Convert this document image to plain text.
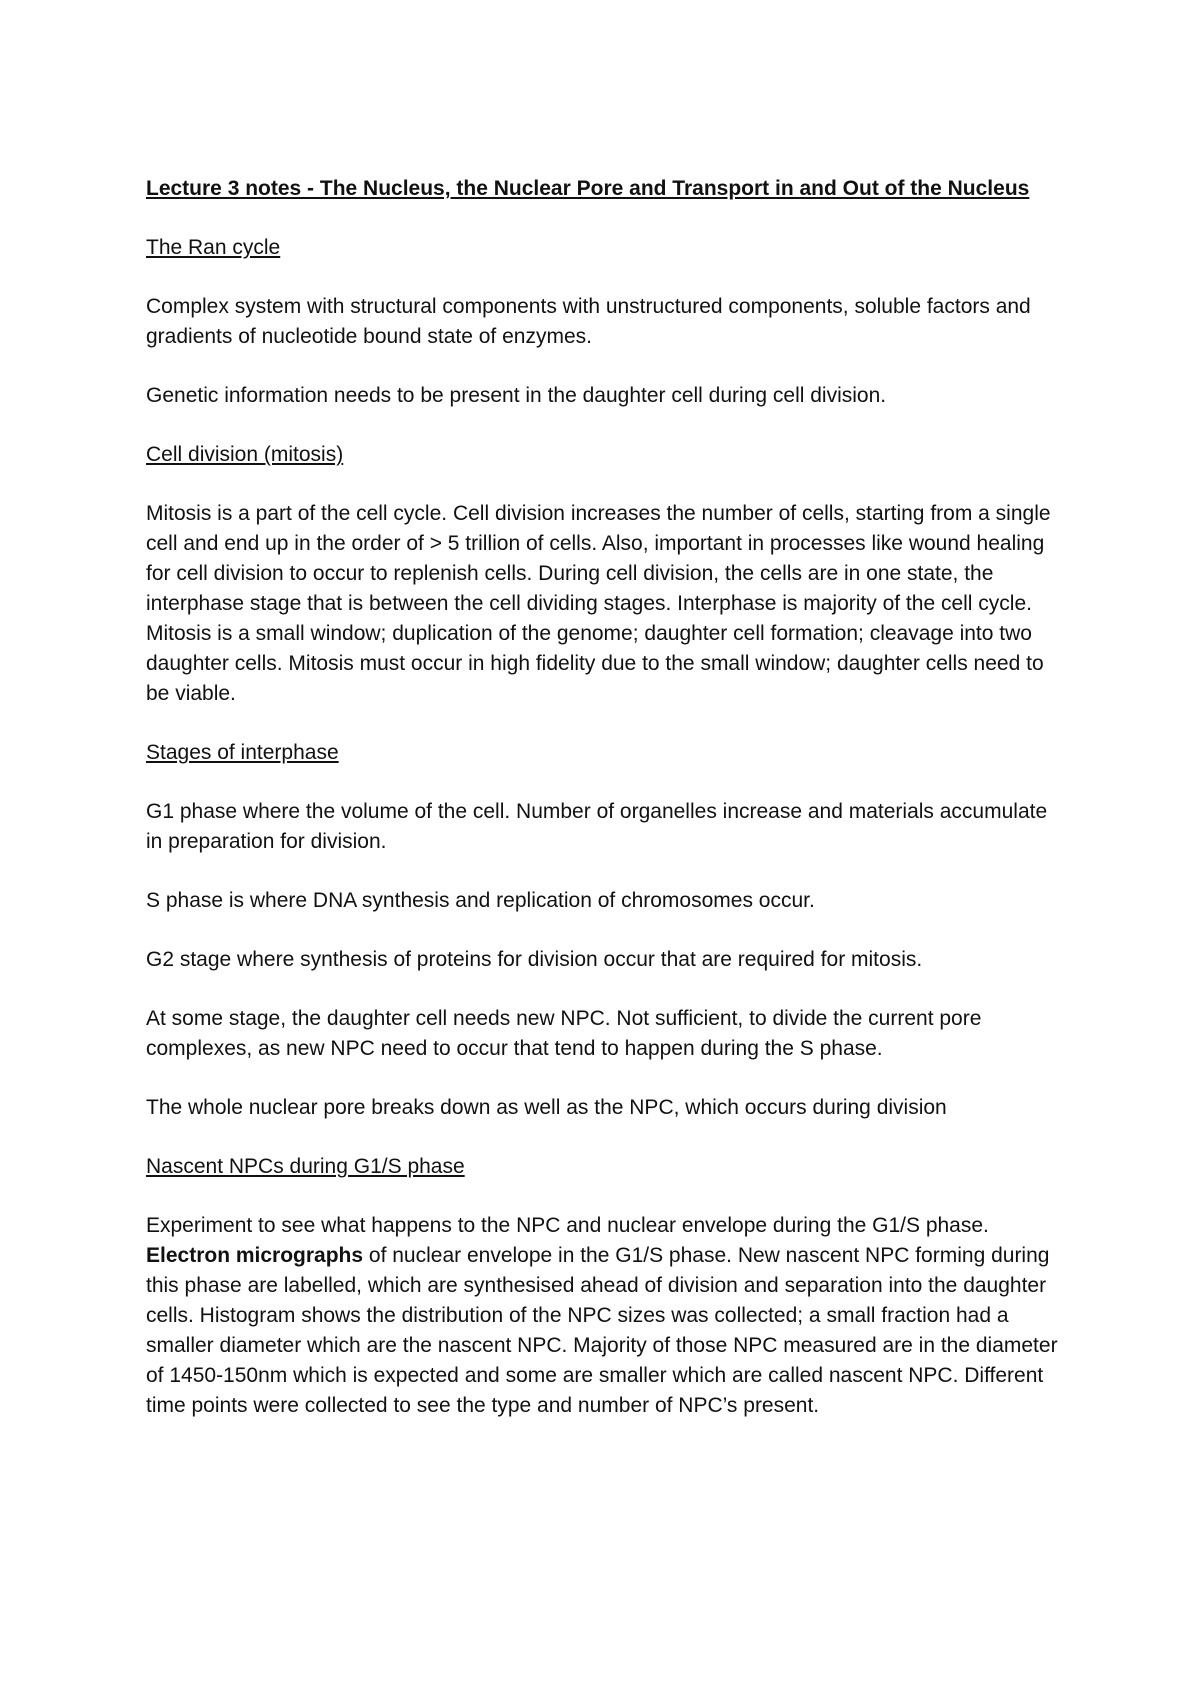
Lecture 3 notes - The Nucleus, the Nuclear Pore and Transport in and Out of the Nucleus

The Ran cycle

Complex system with structural components with unstructured components, soluble factors and gradients of nucleotide bound state of enzymes.

Genetic information needs to be present in the daughter cell during cell division.

Cell division (mitosis)

Mitosis is a part of the cell cycle. Cell division increases the number of cells, starting from a single cell and end up in the order of > 5 trillion of cells. Also, important in processes like wound healing for cell division to occur to replenish cells. During cell division, the cells are in one state, the interphase stage that is between the cell dividing stages. Interphase is majority of the cell cycle. Mitosis is a small window; duplication of the genome; daughter cell formation; cleavage into two daughter cells. Mitosis must occur in high fidelity due to the small window; daughter cells need to be viable.

Stages of interphase

G1 phase where the volume of the cell. Number of organelles increase and materials accumulate in preparation for division.

S phase is where DNA synthesis and replication of chromosomes occur.

G2 stage where synthesis of proteins for division occur that are required for mitosis.

At some stage, the daughter cell needs new NPC. Not sufficient, to divide the current pore complexes, as new NPC need to occur that tend to happen during the S phase.

The whole nuclear pore breaks down as well as the NPC, which occurs during division

Nascent NPCs during G1/S phase

Experiment to see what happens to the NPC and nuclear envelope during the G1/S phase. Electron micrographs of nuclear envelope in the G1/S phase. New nascent NPC forming during this phase are labelled, which are synthesised ahead of division and separation into the daughter cells. Histogram shows the distribution of the NPC sizes was collected; a small fraction had a smaller diameter which are the nascent NPC. Majority of those NPC measured are in the diameter of 1450-150nm which is expected and some are smaller which are called nascent NPC. Different time points were collected to see the type and number of NPC’s present.
